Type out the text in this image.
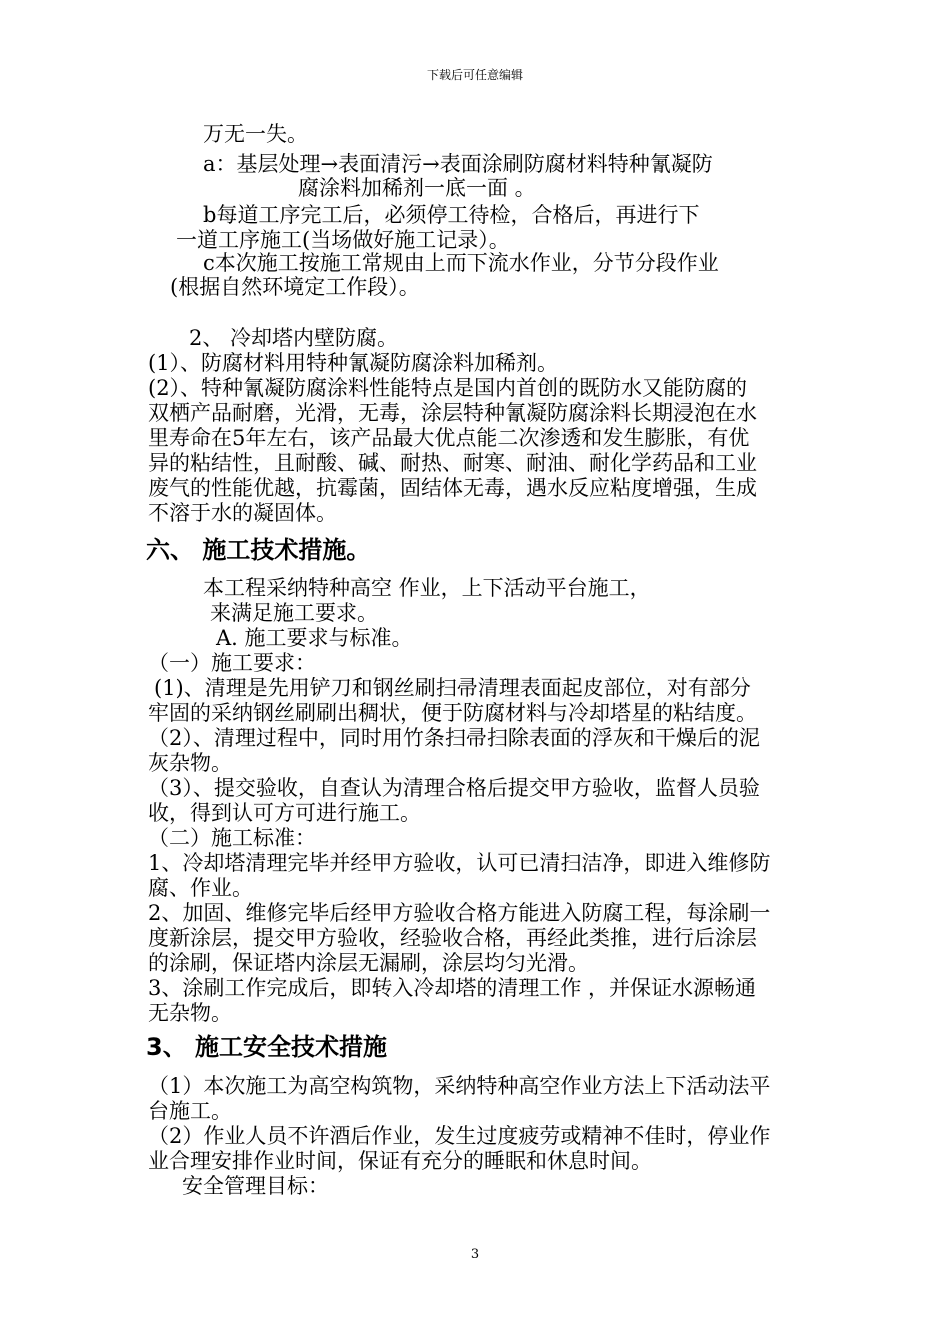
下载后可任意编辑
万无一失。
a：基层处理→表面清污→表面涂刷防腐材料特种氰凝防
腐涂料加稀剂一底一面 。
b每道工序完工后，必须停工待检，合格后，再进行下
一道工序施工(当场做好施工记录）。
c本次施工按施工常规由上而下流水作业，分节分段作业
(根据自然环境定工作段）。
2、 冷却塔内壁防腐。
(1）、防腐材料用特种氰凝防腐涂料加稀剂。
(2）、特种氰凝防腐涂料性能特点是国内首创的既防水又能防腐的
双栖产品耐磨，光滑，无毒，涂层特种氰凝防腐涂料长期浸泡在水
里寿命在5年左右，该产品最大优点能二次渗透和发生膨胀，有优
异的粘结性，且耐酸、碱、耐热、耐寒、耐油、耐化学药品和工业
废气的性能优越，抗霉菌，固结体无毒，遇水反应粘度增强，生成
不溶于水的凝固体。
六、 施工技术措施。
本工程采纳特种高空 作业，上下活动平台施工，
来满足施工要求。
A. 施工要求与标准。
（一）施工要求：
(1)、清理是先用铲刀和钢丝刷扫帚清理表面起皮部位，对有部分
牢固的采纳钢丝刷刷出稠状，便于防腐材料与冷却塔星的粘结度。
（2）、清理过程中，同时用竹条扫帚扫除表面的浮灰和干燥后的泥
灰杂物。
（3）、提交验收，自查认为清理合格后提交甲方验收，监督人员验
收，得到认可方可进行施工。
（二）施工标准：
1、冷却塔清理完毕并经甲方验收，认可已清扫洁净，即进入维修防
腐、作业。
2、加固、维修完毕后经甲方验收合格方能进入防腐工程，每涂刷一
度新涂层，提交甲方验收，经验收合格，再经此类推，进行后涂层
的涂刷，保证塔内涂层无漏刷，涂层均匀光滑。
3、涂刷工作完成后，即转入冷却塔的清理工作 ，并保证水源畅通
无杂物。
3、 施工安全技术措施
（1）本次施工为高空构筑物，采纳特种高空作业方法上下活动法平
台施工。
（2）作业人员不许酒后作业，发生过度疲劳或精神不佳时，停业作
业合理安排作业时间，保证有充分的睡眠和休息时间。
安全管理目标：
3
